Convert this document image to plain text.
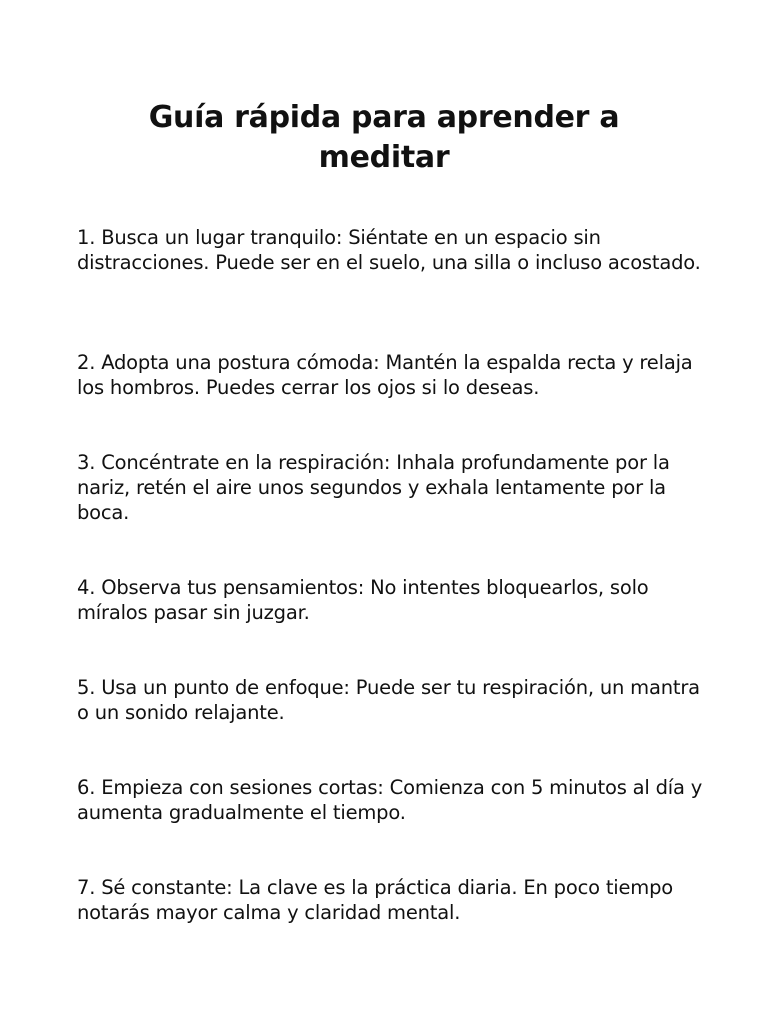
Guía rápida para aprender a meditar
1. Busca un lugar tranquilo: Siéntate en un espacio sin distracciones. Puede ser en el suelo, una silla o incluso acostado.
2. Adopta una postura cómoda: Mantén la espalda recta y relaja los hombros. Puedes cerrar los ojos si lo deseas.
3. Concéntrate en la respiración: Inhala profundamente por la nariz, retén el aire unos segundos y exhala lentamente por la boca.
4. Observa tus pensamientos: No intentes bloquearlos, solo míralos pasar sin juzgar.
5. Usa un punto de enfoque: Puede ser tu respiración, un mantra o un sonido relajante.
6. Empieza con sesiones cortas: Comienza con 5 minutos al día y aumenta gradualmente el tiempo.
7. Sé constante: La clave es la práctica diaria. En poco tiempo notarás mayor calma y claridad mental.
